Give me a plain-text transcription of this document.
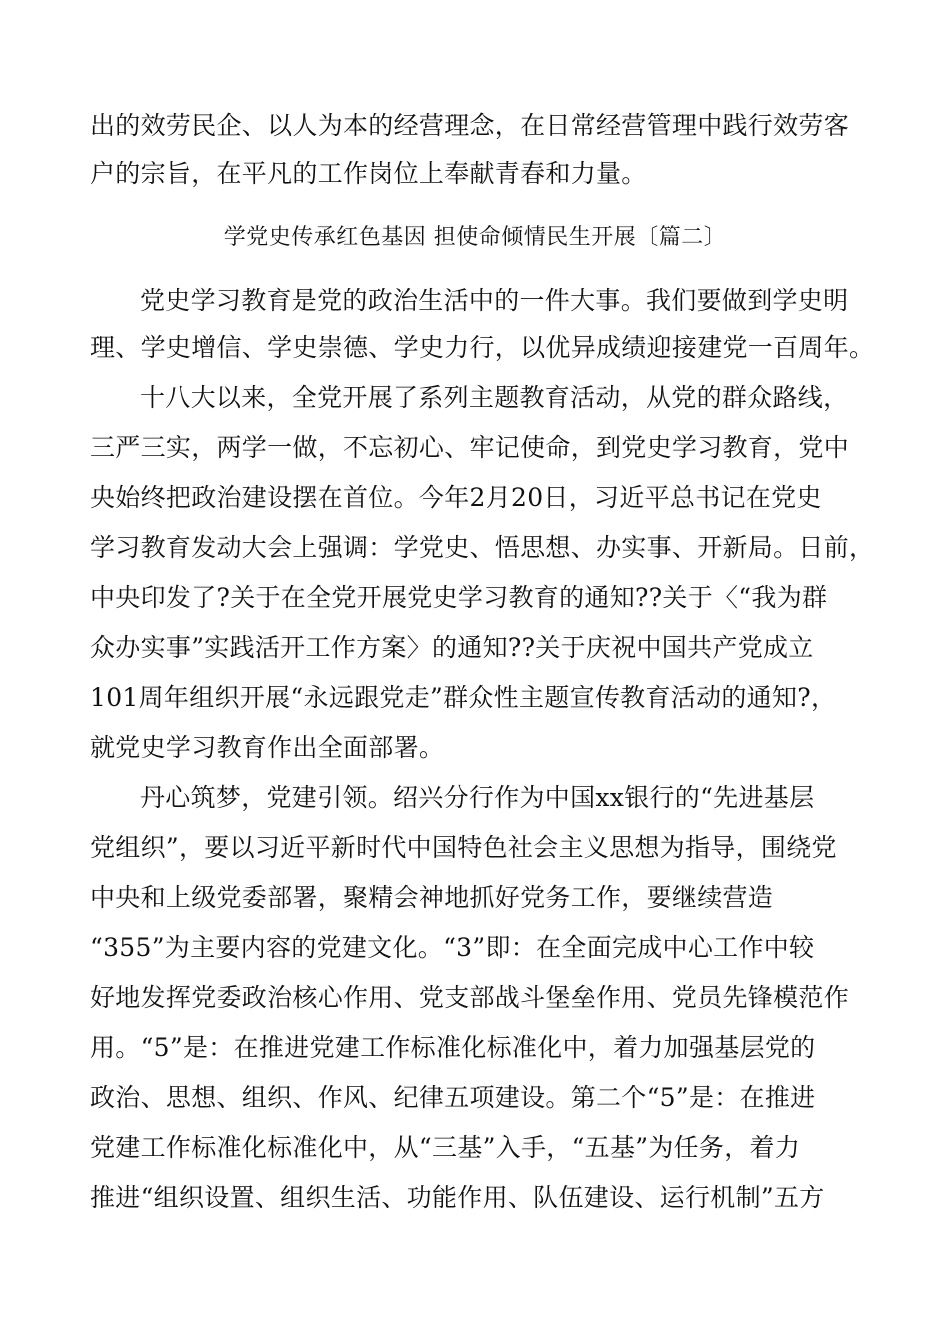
出的效劳民企、以人为本的经营理念，在日常经营管理中践行效劳客
户的宗旨，在平凡的工作岗位上奉献青春和力量。
学党史传承红色基因 担使命倾情民生开展〔篇二〕
党史学习教育是党的政治生活中的一件大事。我们要做到学史明
理、学史增信、学史崇德、学史力行，以优异成绩迎接建党一百周年。
十八大以来，全党开展了系列主题教育活动，从党的群众路线，
三严三实，两学一做，不忘初心、牢记使命，到党史学习教育，党中
央始终把政治建设摆在首位。今年2月20日，习近平总书记在党史
学习教育发动大会上强调：学党史、悟思想、办实事、开新局。日前，
中央印发了?关于在全党开展党史学习教育的通知??关于〈“我为群
众办实事”实践活开工作方案〉的通知??关于庆祝中国共产党成立
101周年组织开展“永远跟党走”群众性主题宣传教育活动的通知?，
就党史学习教育作出全面部署。
丹心筑梦，党建引领。绍兴分行作为中国xx银行的“先进基层
党组织”，要以习近平新时代中国特色社会主义思想为指导，围绕党
中央和上级党委部署，聚精会神地抓好党务工作，要继续营造
“355”为主要内容的党建文化。“3”即：在全面完成中心工作中较
好地发挥党委政治核心作用、党支部战斗堡垒作用、党员先锋模范作
用。“5”是：在推进党建工作标准化标准化中，着力加强基层党的
政治、思想、组织、作风、纪律五项建设。第二个“5”是：在推进
党建工作标准化标准化中，从“三基”入手，“五基”为任务，着力
推进“组织设置、组织生活、功能作用、队伍建设、运行机制”五方
